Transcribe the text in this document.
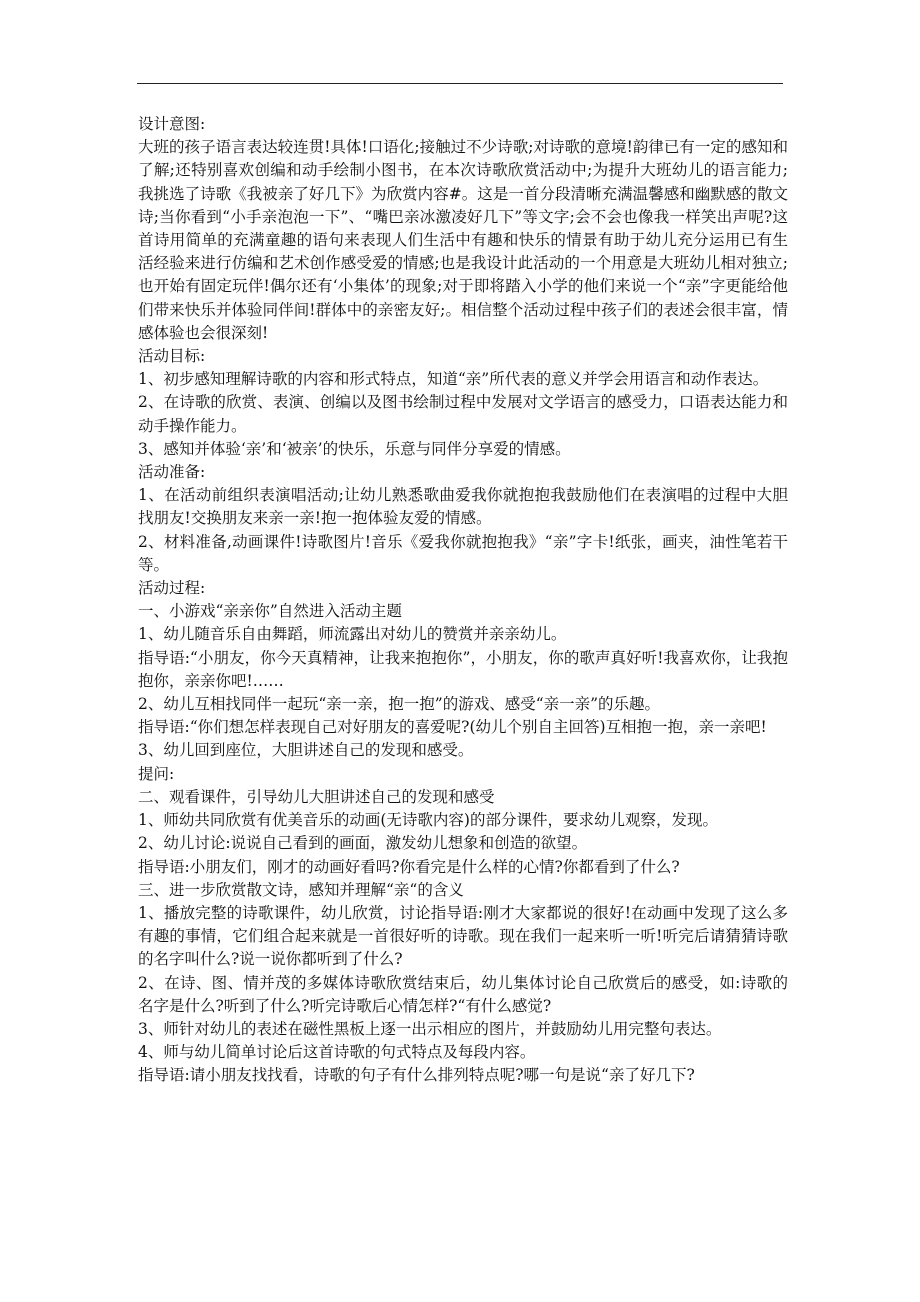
设计意图:

大班的孩子语言表达较连贯!具体!口语化;接触过不少诗歌;对诗歌的意境!韵律已有一定的感知和了解;还特别喜欢创编和动手绘制小图书，在本次诗歌欣赏活动中;为提升大班幼儿的语言能力;我挑选了诗歌《我被亲了好几下》为欣赏内容#。这是一首分段清晰充满温馨感和幽默感的散文诗;当你看到“小手亲泡泡一下”、“嘴巴亲冰激凌好几下”等文字;会不会也像我一样笑出声呢?这首诗用简单的充满童趣的语句来表现人们生活中有趣和快乐的情景有助于幼儿充分运用已有生活经验来进行仿编和艺术创作感受爱的情感;也是我设计此活动的一个用意是大班幼儿相对独立;也开始有固定玩伴!偶尔还有‘小集体’的现象;对于即将踏入小学的他们来说一个“亲”字更能给他们带来快乐并体验同伴间!群体中的亲密友好;。相信整个活动过程中孩子们的表述会很丰富，情感体验也会很深刻!

活动目标:

1、初步感知理解诗歌的内容和形式特点，知道“亲”所代表的意义并学会用语言和动作表达。

2、在诗歌的欣赏、表演、创编以及图书绘制过程中发展对文学语言的感受力，口语表达能力和动手操作能力。

3、感知并体验‘亲’和‘被亲’的快乐，乐意与同伴分享爱的情感。

活动准备:

1、在活动前组织表演唱活动;让幼儿熟悉歌曲爱我你就抱抱我鼓励他们在表演唱的过程中大胆找朋友!交换朋友来亲一亲!抱一抱体验友爱的情感。

2、材料准备,动画课件!诗歌图片!音乐《爱我你就抱抱我》“亲”字卡!纸张，画夹，油性笔若干等。

活动过程:

一、小游戏“亲亲你”自然进入活动主题

1、幼儿随音乐自由舞蹈，师流露出对幼儿的赞赏并亲亲幼儿。

指导语:“小朋友，你今天真精神，让我来抱抱你”，小朋友，你的歌声真好听!我喜欢你，让我抱抱你，亲亲你吧!……

2、幼儿互相找同伴一起玩“亲一亲，抱一抱”的游戏、感受“亲一亲”的乐趣。

指导语:“你们想怎样表现自己对好朋友的喜爱呢?(幼儿个别自主回答)互相抱一抱，亲一亲吧!

3、幼儿回到座位，大胆讲述自己的发现和感受。

提问:

二、观看课件，引导幼儿大胆讲述自己的发现和感受

1、师幼共同欣赏有优美音乐的动画(无诗歌内容)的部分课件，要求幼儿观察，发现。

2、幼儿讨论:说说自己看到的画面，激发幼儿想象和创造的欲望。

指导语:小朋友们，刚才的动画好看吗?你看完是什么样的心情?你都看到了什么?

三、进一步欣赏散文诗，感知并理解“亲“的含义

1、播放完整的诗歌课件，幼儿欣赏，讨论指导语:刚才大家都说的很好!在动画中发现了这么多有趣的事情，它们组合起来就是一首很好听的诗歌。现在我们一起来听一听!听完后请猜猜诗歌的名字叫什么?说一说你都听到了什么?

2、在诗、图、情并茂的多媒体诗歌欣赏结束后，幼儿集体讨论自己欣赏后的感受，如:诗歌的名字是什么?听到了什么?听完诗歌后心情怎样?“有什么感觉?

3、师针对幼儿的表述在磁性黑板上逐一出示相应的图片，并鼓励幼儿用完整句表达。

4、师与幼儿简单讨论后这首诗歌的句式特点及每段内容。

指导语:请小朋友找找看，诗歌的句子有什么排列特点呢?哪一句是说“亲了好几下?
